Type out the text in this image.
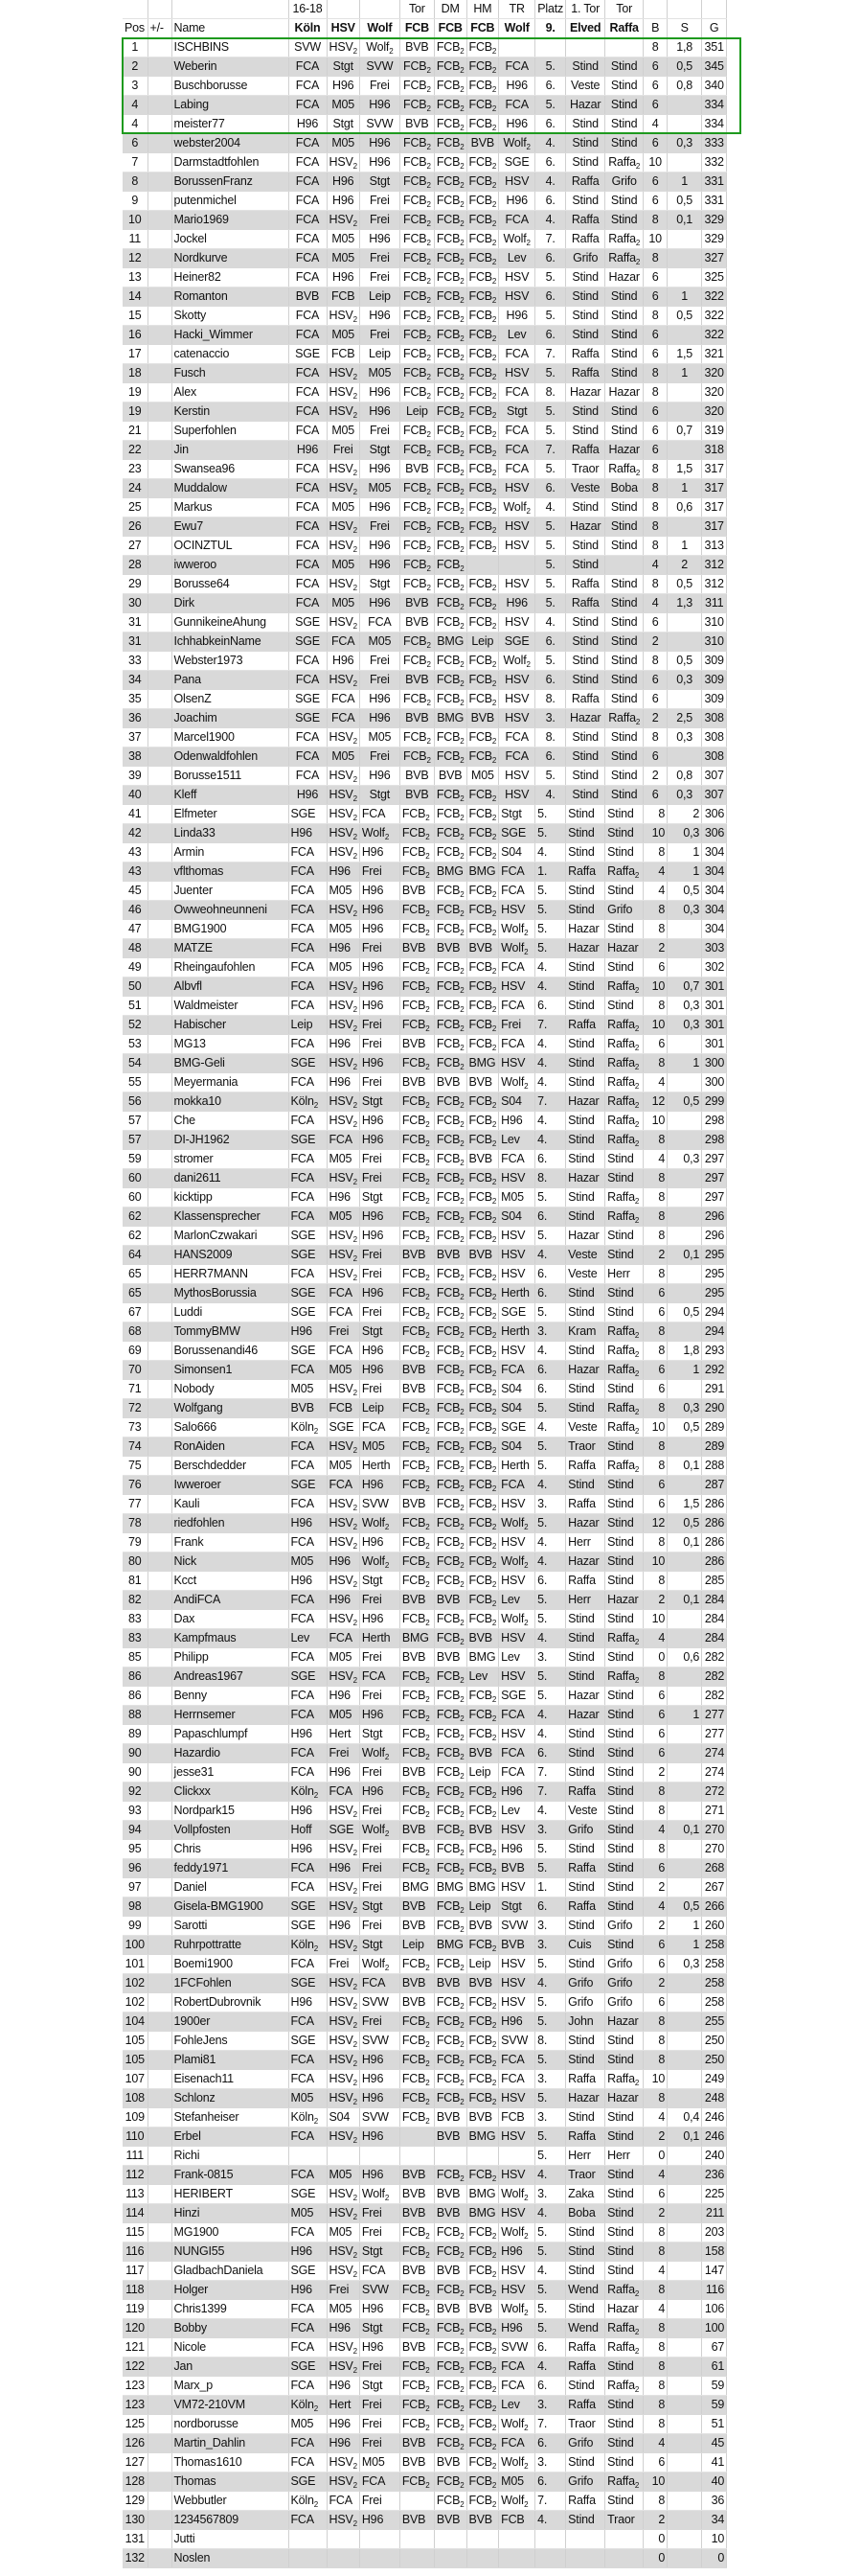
			16-18			Tor	DM	HM	TR	Platz	1. Tor	Tor			
Pos	+/-	Name	Köln	HSV	Wolf	FCB	FCB	FCB	Wolf	9.	Elved	Raffa	B	S	G
1		ISCHBINS	SVW	$HSV_2$	Wolf$_2$	BVB	$FCB_2$	$FCB_2$					8	1,8	351
2		Weberin	FCA	Stgt	SVW	$FCB_2$	$FCB_2$	$FCB_2$	FCA	5.	Stind	Stind	6	0,5	345
3		Buschborusse	FCA	H96	Frei	$FCB_2$	$FCB_2$	$FCB_2$	H96	6.	Veste	Stind	6	0,8	340
4		Labing	FCA	M05	H96	$FCB_2$	$FCB_2$	$FCB_2$	FCA	5.	Hazar	Stind	6		334
4		meister77	H96	Stgt	SVW	BVB	$FCB_2$	$FCB_2$	H96	6.	Stind	Stind	4		334
6		webster2004	FCA	M05	H96	$FCB_2$	$FCB_2$	BVB	Wolf$_2$	4.	Stind	Stind	6	0,3	333
7		Darmstadtfohlen	FCA	$HSV_2$	H96	$FCB_2$	$FCB_2$	$FCB_2$	SGE	6.	Stind	Raffa$_2$	10		332
8		BorussenFranz	FCA	H96	Stgt	$FCB_2$	$FCB_2$	$FCB_2$	HSV	4.	Raffa	Grifo	6	1	331
9		putenmichel	FCA	H96	Frei	$FCB_2$	$FCB_2$	$FCB_2$	H96	6.	Stind	Stind	6	0,5	331
10		Mario1969	FCA	$HSV_2$	Frei	$FCB_2$	$FCB_2$	$FCB_2$	FCA	4.	Raffa	Stind	8	0,1	329
11		Jockel	FCA	M05	H96	$FCB_2$	$FCB_2$	$FCB_2$	Wolf$_2$	7.	Raffa	Raffa$_2$	10		329
12		Nordkurve	FCA	M05	Frei	$FCB_2$	$FCB_2$	$FCB_2$	Lev	6.	Grifo	Raffa$_2$	8		327
13		Heiner82	FCA	H96	Frei	$FCB_2$	$FCB_2$	$FCB_2$	HSV	5.	Stind	Hazar	6		325
14		Romanton	BVB	FCB	Leip	$FCB_2$	$FCB_2$	$FCB_2$	HSV	6.	Stind	Stind	6	1	322
15		Skotty	FCA	$HSV_2$	H96	$FCB_2$	$FCB_2$	$FCB_2$	H96	5.	Stind	Stind	8	0,5	322
16		Hacki_Wimmer	FCA	M05	Frei	$FCB_2$	$FCB_2$	$FCB_2$	Lev	6.	Stind	Stind	6		322
17		catenaccio	SGE	FCB	Leip	$FCB_2$	$FCB_2$	$FCB_2$	FCA	7.	Raffa	Stind	6	1,5	321
18		Fusch	FCA	$HSV_2$	M05	$FCB_2$	$FCB_2$	$FCB_2$	HSV	5.	Raffa	Stind	8	1	320
19		Alex	FCA	$HSV_2$	H96	$FCB_2$	$FCB_2$	$FCB_2$	FCA	8.	Hazar	Hazar	8		320
19		Kerstin	FCA	$HSV_2$	H96	Leip	$FCB_2$	$FCB_2$	Stgt	5.	Stind	Stind	6		320
21		Superfohlen	FCA	M05	Frei	$FCB_2$	$FCB_2$	$FCB_2$	FCA	5.	Stind	Stind	6	0,7	319
22		Jin	H96	Frei	Stgt	$FCB_2$	$FCB_2$	$FCB_2$	FCA	7.	Raffa	Hazar	6		318
23		Swansea96	FCA	$HSV_2$	H96	BVB	$FCB_2$	$FCB_2$	FCA	5.	Traor	Raffa$_2$	8	1,5	317
24		Muddalow	FCA	$HSV_2$	M05	$FCB_2$	$FCB_2$	$FCB_2$	HSV	6.	Veste	Boba	8	1	317
25		Markus	FCA	M05	H96	$FCB_2$	$FCB_2$	$FCB_2$	Wolf$_2$	4.	Stind	Stind	8	0,6	317
26		Ewu7	FCA	$HSV_2$	Frei	$FCB_2$	$FCB_2$	$FCB_2$	HSV	5.	Hazar	Stind	8		317
27		OCINZTUL	FCA	$HSV_2$	H96	$FCB_2$	$FCB_2$	$FCB_2$	HSV	5.	Stind	Stind	8	1	313
28		iwweroo	FCA	M05	H96	$FCB_2$	$FCB_2$			5.	Stind		4	2	312
29		Borusse64	FCA	$HSV_2$	Stgt	$FCB_2$	$FCB_2$	$FCB_2$	HSV	5.	Raffa	Stind	8	0,5	312
30		Dirk	FCA	M05	H96	BVB	$FCB_2$	$FCB_2$	H96	5.	Raffa	Stind	4	1,3	311
31		GunnikeineAhung	SGE	$HSV_2$	FCA	BVB	$FCB_2$	$FCB_2$	HSV	4.	Stind	Stind	6		310
31		IchhabkeinName	SGE	FCA	M05	$FCB_2$	BMG	Leip	SGE	6.	Stind	Stind	2		310
33		Webster1973	FCA	H96	Frei	$FCB_2$	$FCB_2$	$FCB_2$	Wolf$_2$	5.	Stind	Stind	8	0,5	309
34		Pana	FCA	$HSV_2$	Frei	BVB	$FCB_2$	$FCB_2$	HSV	6.	Stind	Stind	6	0,3	309
35		OlsenZ	SGE	FCA	H96	$FCB_2$	$FCB_2$	$FCB_2$	HSV	8.	Raffa	Stind	6		309
36		Joachim	SGE	FCA	H96	BVB	BMG	BVB	HSV	3.	Hazar	Raffa$_2$	2	2,5	308
37		Marcel1900	FCA	$HSV_2$	M05	$FCB_2$	$FCB_2$	$FCB_2$	FCA	8.	Stind	Stind	8	0,3	308
38		Odenwaldfohlen	FCA	M05	Frei	$FCB_2$	$FCB_2$	$FCB_2$	FCA	6.	Stind	Stind	6		308
39		Borusse1511	FCA	$HSV_2$	H96	BVB	BVB	M05	HSV	5.	Stind	Stind	2	0,8	307
40		Kleff	H96	$HSV_2$	Stgt	BVB	$FCB_2$	$FCB_2$	HSV	4.	Stind	Stind	6	0,3	307
41		Elfmeter	SGE	$HSV_2$	FCA	$FCB_2$	$FCB_2$	$FCB_2$	Stgt	5.	Stind	Stind	8	2	306
42		Linda33	H96	$HSV_2$	Wolf$_2$	$FCB_2$	$FCB_2$	$FCB_2$	SGE	5.	Stind	Stind	10	0,3	306
43		Armin	FCA	$HSV_2$	H96	$FCB_2$	$FCB_2$	$FCB_2$	S04	4.	Stind	Stind	8	1	304
43		vflthomas	FCA	H96	Frei	$FCB_2$	BMG	BMG	FCA	1.	Raffa	Raffa$_2$	4	1	304
45		Juenter	FCA	M05	H96	BVB	$FCB_2$	$FCB_2$	FCA	5.	Stind	Stind	4	0,5	304
46		Owweohneunneni	FCA	$HSV_2$	H96	$FCB_2$	$FCB_2$	$FCB_2$	HSV	5.	Stind	Grifo	8	0,3	304
47		BMG1900	FCA	M05	H96	$FCB_2$	$FCB_2$	$FCB_2$	Wolf$_2$	5.	Hazar	Stind	8		304
48		MATZE	FCA	H96	Frei	BVB	BVB	BVB	Wolf$_2$	5.	Hazar	Hazar	2		303
49		Rheingaufohlen	FCA	M05	H96	$FCB_2$	$FCB_2$	$FCB_2$	FCA	4.	Stind	Stind	6		302
50		Albvfl	FCA	$HSV_2$	H96	$FCB_2$	$FCB_2$	$FCB_2$	HSV	4.	Stind	Raffa$_2$	10	0,7	301
51		Waldmeister	FCA	$HSV_2$	H96	$FCB_2$	$FCB_2$	$FCB_2$	FCA	6.	Stind	Stind	8	0,3	301
52		Habischer	Leip	$HSV_2$	Frei	$FCB_2$	$FCB_2$	$FCB_2$	Frei	7.	Raffa	Raffa$_2$	10	0,3	301
53		MG13	FCA	H96	Frei	BVB	$FCB_2$	$FCB_2$	FCA	4.	Stind	Raffa$_2$	6		301
54		BMG-Geli	SGE	$HSV_2$	H96	$FCB_2$	$FCB_2$	BMG	HSV	4.	Stind	Raffa$_2$	8	1	300
55		Meyermania	FCA	H96	Frei	BVB	BVB	BVB	Wolf$_2$	4.	Stind	Raffa$_2$	4		300
56		mokka10	Köln$_2$	$HSV_2$	Stgt	$FCB_2$	$FCB_2$	$FCB_2$	S04	7.	Hazar	Raffa$_2$	12	0,5	299
57		Che	FCA	$HSV_2$	H96	$FCB_2$	$FCB_2$	$FCB_2$	H96	4.	Stind	Raffa$_2$	10		298
57		DI-JH1962	SGE	FCA	H96	$FCB_2$	$FCB_2$	$FCB_2$	Lev	4.	Stind	Raffa$_2$	8		298
59		stromer	FCA	M05	Frei	$FCB_2$	$FCB_2$	BVB	FCA	6.	Stind	Stind	4	0,3	297
60		dani2611	FCA	$HSV_2$	Frei	$FCB_2$	$FCB_2$	$FCB_2$	HSV	8.	Hazar	Stind	8		297
60		kicktipp	FCA	H96	Stgt	$FCB_2$	$FCB_2$	$FCB_2$	M05	5.	Stind	Raffa$_2$	8		297
62		Klassensprecher	FCA	M05	H96	$FCB_2$	$FCB_2$	$FCB_2$	S04	6.	Stind	Raffa$_2$	8		296
62		MarlonCzwakari	SGE	$HSV_2$	H96	$FCB_2$	$FCB_2$	$FCB_2$	HSV	5.	Hazar	Stind	8		296
64		HANS2009	SGE	$HSV_2$	Frei	BVB	BVB	BVB	HSV	4.	Veste	Stind	2	0,1	295
65		HERR7MANN	FCA	$HSV_2$	Frei	$FCB_2$	$FCB_2$	$FCB_2$	HSV	6.	Veste	Herr	8		295
65		MythosBorussia	SGE	FCA	H96	$FCB_2$	$FCB_2$	$FCB_2$	Herth	6.	Stind	Stind	6		295
67		Luddi	SGE	FCA	Frei	$FCB_2$	$FCB_2$	$FCB_2$	SGE	5.	Stind	Stind	6	0,5	294
68		TommyBMW	H96	Frei	Stgt	$FCB_2$	$FCB_2$	$FCB_2$	Herth	3.	Kram	Raffa$_2$	8		294
69		Borussenandi46	SGE	FCA	H96	$FCB_2$	$FCB_2$	$FCB_2$	HSV	4.	Stind	Raffa$_2$	8	1,8	293
70		Simonsen1	FCA	M05	H96	BVB	$FCB_2$	$FCB_2$	FCA	6.	Hazar	Raffa$_2$	6	1	292
71		Nobody	M05	$HSV_2$	Frei	BVB	$FCB_2$	$FCB_2$	S04	6.	Stind	Stind	6		291
72		Wolfgang	BVB	FCB	Leip	$FCB_2$	$FCB_2$	$FCB_2$	S04	5.	Stind	Raffa$_2$	8	0,3	290
73		Salo666	Köln$_2$	SGE	FCA	$FCB_2$	$FCB_2$	$FCB_2$	SGE	4.	Veste	Raffa$_2$	10	0,5	289
74		RonAiden	FCA	$HSV_2$	M05	$FCB_2$	$FCB_2$	$FCB_2$	S04	5.	Traor	Stind	8		289
75		Berschdedder	FCA	M05	Herth	$FCB_2$	$FCB_2$	$FCB_2$	Herth	5.	Raffa	Raffa$_2$	8	0,1	288
76		Iwweroer	SGE	FCA	H96	$FCB_2$	$FCB_2$	$FCB_2$	FCA	4.	Stind	Stind	6		287
77		Kauli	FCA	$HSV_2$	SVW	BVB	$FCB_2$	$FCB_2$	HSV	3.	Raffa	Stind	6	1,5	286
78		riedfohlen	H96	$HSV_2$	Wolf$_2$	$FCB_2$	$FCB_2$	$FCB_2$	Wolf$_2$	5.	Hazar	Stind	12	0,5	286
79		Frank	FCA	$HSV_2$	H96	$FCB_2$	$FCB_2$	$FCB_2$	HSV	4.	Herr	Stind	8	0,1	286
80		Nick	M05	H96	Wolf$_2$	$FCB_2$	$FCB_2$	$FCB_2$	Wolf$_2$	4.	Hazar	Stind	10		286
81		Kcct	H96	$HSV_2$	Stgt	$FCB_2$	$FCB_2$	$FCB_2$	HSV	6.	Raffa	Stind	8		285
82		AndiFCA	FCA	H96	Frei	BVB	BVB	$FCB_2$	Lev	5.	Herr	Hazar	2	0,1	284
83		Dax	FCA	$HSV_2$	H96	$FCB_2$	$FCB_2$	$FCB_2$	Wolf$_2$	5.	Stind	Stind	10		284
83		Kampfmaus	Lev	FCA	Herth	BMG	$FCB_2$	BVB	HSV	4.	Stind	Raffa$_2$	4		284
85		Philipp	FCA	M05	Frei	BVB	BVB	BMG	Lev	3.	Stind	Stind	0	0,6	282
86		Andreas1967	SGE	$HSV_2$	FCA	$FCB_2$	$FCB_2$	Lev	HSV	5.	Stind	Raffa$_2$	8		282
86		Benny	FCA	H96	Frei	$FCB_2$	$FCB_2$	$FCB_2$	SGE	5.	Hazar	Stind	6		282
88		Herrnsemer	FCA	M05	H96	$FCB_2$	$FCB_2$	$FCB_2$	FCA	4.	Hazar	Stind	6	1	277
89		Papaschlumpf	H96	Hert	Stgt	$FCB_2$	$FCB_2$	$FCB_2$	HSV	4.	Stind	Stind	6		277
90		Hazardio	FCA	Frei	Wolf$_2$	$FCB_2$	$FCB_2$	BVB	FCA	6.	Stind	Stind	6		274
90		jesse31	FCA	H96	Frei	BVB	$FCB_2$	Leip	FCA	7.	Stind	Stind	2		274
92		Clickxx	Köln$_2$	FCA	H96	$FCB_2$	$FCB_2$	$FCB_2$	H96	7.	Raffa	Stind	8		272
93		Nordpark15	H96	$HSV_2$	Frei	$FCB_2$	$FCB_2$	$FCB_2$	Lev	4.	Veste	Stind	8		271
94		Vollpfosten	Hoff	SGE	Wolf$_2$	BVB	$FCB_2$	BVB	HSV	3.	Grifo	Stind	4	0,1	270
95		Chris	H96	$HSV_2$	Frei	$FCB_2$	$FCB_2$	$FCB_2$	H96	5.	Stind	Stind	8		270
96		feddy1971	FCA	H96	Frei	$FCB_2$	$FCB_2$	$FCB_2$	BVB	5.	Raffa	Stind	6		268
97		Daniel	FCA	$HSV_2$	Frei	BMG	BMG	BMG	HSV	1.	Stind	Stind	2		267
98		Gisela-BMG1900	SGE	$HSV_2$	Stgt	BVB	$FCB_2$	Leip	Stgt	6.	Raffa	Stind	4	0,5	266
99		Sarotti	SGE	H96	Frei	BVB	$FCB_2$	BVB	SVW	3.	Stind	Grifo	2	1	260
100		Ruhrpottratte	Köln$_2$	$HSV_2$	Stgt	Leip	BMG	$FCB_2$	BVB	3.	Cuis	Stind	6	1	258
101		Boemi1900	FCA	Frei	Wolf$_2$	$FCB_2$	$FCB_2$	Leip	HSV	5.	Stind	Grifo	6	0,3	258
102		1FCFohlen	SGE	$HSV_2$	FCA	BVB	BVB	BVB	HSV	4.	Grifo	Grifo	2		258
102		RobertDubrovnik	H96	$HSV_2$	SVW	BVB	$FCB_2$	$FCB_2$	HSV	5.	Grifo	Grifo	6		258
104		1900er	FCA	$HSV_2$	Frei	$FCB_2$	$FCB_2$	$FCB_2$	H96	5.	John	Hazar	8		255
105		FohleJens	SGE	$HSV_2$	SVW	$FCB_2$	$FCB_2$	$FCB_2$	SVW	8.	Stind	Stind	8		250
105		Plami81	FCA	$HSV_2$	H96	$FCB_2$	$FCB_2$	$FCB_2$	FCA	5.	Stind	Stind	8		250
107		Eisenach11	FCA	$HSV_2$	H96	$FCB_2$	$FCB_2$	$FCB_2$	FCA	3.	Raffa	Raffa$_2$	10		249
108		Schlonz	M05	$HSV_2$	H96	$FCB_2$	$FCB_2$	$FCB_2$	HSV	5.	Hazar	Hazar	8		248
109		Stefanheiser	Köln$_2$	S04	SVW	$FCB_2$	BVB	BVB	FCB	3.	Stind	Stind	4	0,4	246
110		Erbel	FCA	$HSV_2$	H96		BVB	BMG	HSV	5.	Raffa	Stind	2	0,1	246
111		Richi								5.	Herr	Herr	0		240
112		Frank-0815	FCA	M05	H96	BVB	$FCB_2$	$FCB_2$	HSV	4.	Traor	Stind	4		236
113		HERIBERT	SGE	$HSV_2$	Wolf$_2$	BVB	BVB	BMG	Wolf$_2$	3.	Zaka	Stind	6		225
114		Hinzi	M05	$HSV_2$	Frei	BVB	BVB	BMG	HSV	4.	Boba	Stind	2		211
115		MG1900	FCA	M05	Frei	$FCB_2$	$FCB_2$	$FCB_2$	Wolf$_2$	5.	Stind	Stind	8		203
116		NUNGI55	H96	$HSV_2$	Stgt	$FCB_2$	$FCB_2$	$FCB_2$	H96	5.	Stind	Stind	8		158
117		GladbachDaniela	SGE	$HSV_2$	FCA	BVB	BVB	$FCB_2$	HSV	4.	Stind	Stind	4		147
118		Holger	H96	Frei	SVW	$FCB_2$	$FCB_2$	$FCB_2$	HSV	5.	Wend	Raffa$_2$	8		116
119		Chris1399	FCA	M05	H96	$FCB_2$	BVB	BVB	Wolf$_2$	5.	Stind	Hazar	4		106
120		Bobby	FCA	H96	Stgt	$FCB_2$	$FCB_2$	$FCB_2$	H96	5.	Wend	Raffa$_2$	8		100
121		Nicole	FCA	$HSV_2$	H96	BVB	$FCB_2$	$FCB_2$	SVW	6.	Raffa	Raffa$_2$	8		67
122		Jan	SGE	$HSV_2$	Frei	$FCB_2$	$FCB_2$	$FCB_2$	FCA	4.	Raffa	Stind	8		61
123		Marx_p	FCA	H96	Stgt	$FCB_2$	$FCB_2$	$FCB_2$	FCA	6.	Stind	Raffa$_2$	8		59
123		VM72-210VM	Köln$_2$	Hert	Frei	$FCB_2$	$FCB_2$	$FCB_2$	Lev	3.	Raffa	Stind	8		59
125		nordborusse	M05	H96	Frei	$FCB_2$	$FCB_2$	$FCB_2$	Wolf$_2$	7.	Traor	Stind	8		51
126		Martin_Dahlin	FCA	H96	Frei	BVB	$FCB_2$	$FCB_2$	FCA	6.	Grifo	Stind	4		45
127		Thomas1610	FCA	$HSV_2$	M05	BVB	BVB	$FCB_2$	Wolf$_2$	3.	Stind	Stind	6		41
128		Thomas	SGE	$HSV_2$	FCA	$FCB_2$	$FCB_2$	$FCB_2$	M05	6.	Grifo	Raffa$_2$	10		40
129		Webbutler	Köln$_2$	FCA	Frei		$FCB_2$	$FCB_2$	Wolf$_2$	7.	Raffa	Stind	8		36
130		1234567809	FCA	$HSV_2$	H96	BVB	BVB	BVB	FCB	4.	Stind	Traor	2		34
131		Jutti											0		10
132		Noslen											0		0
